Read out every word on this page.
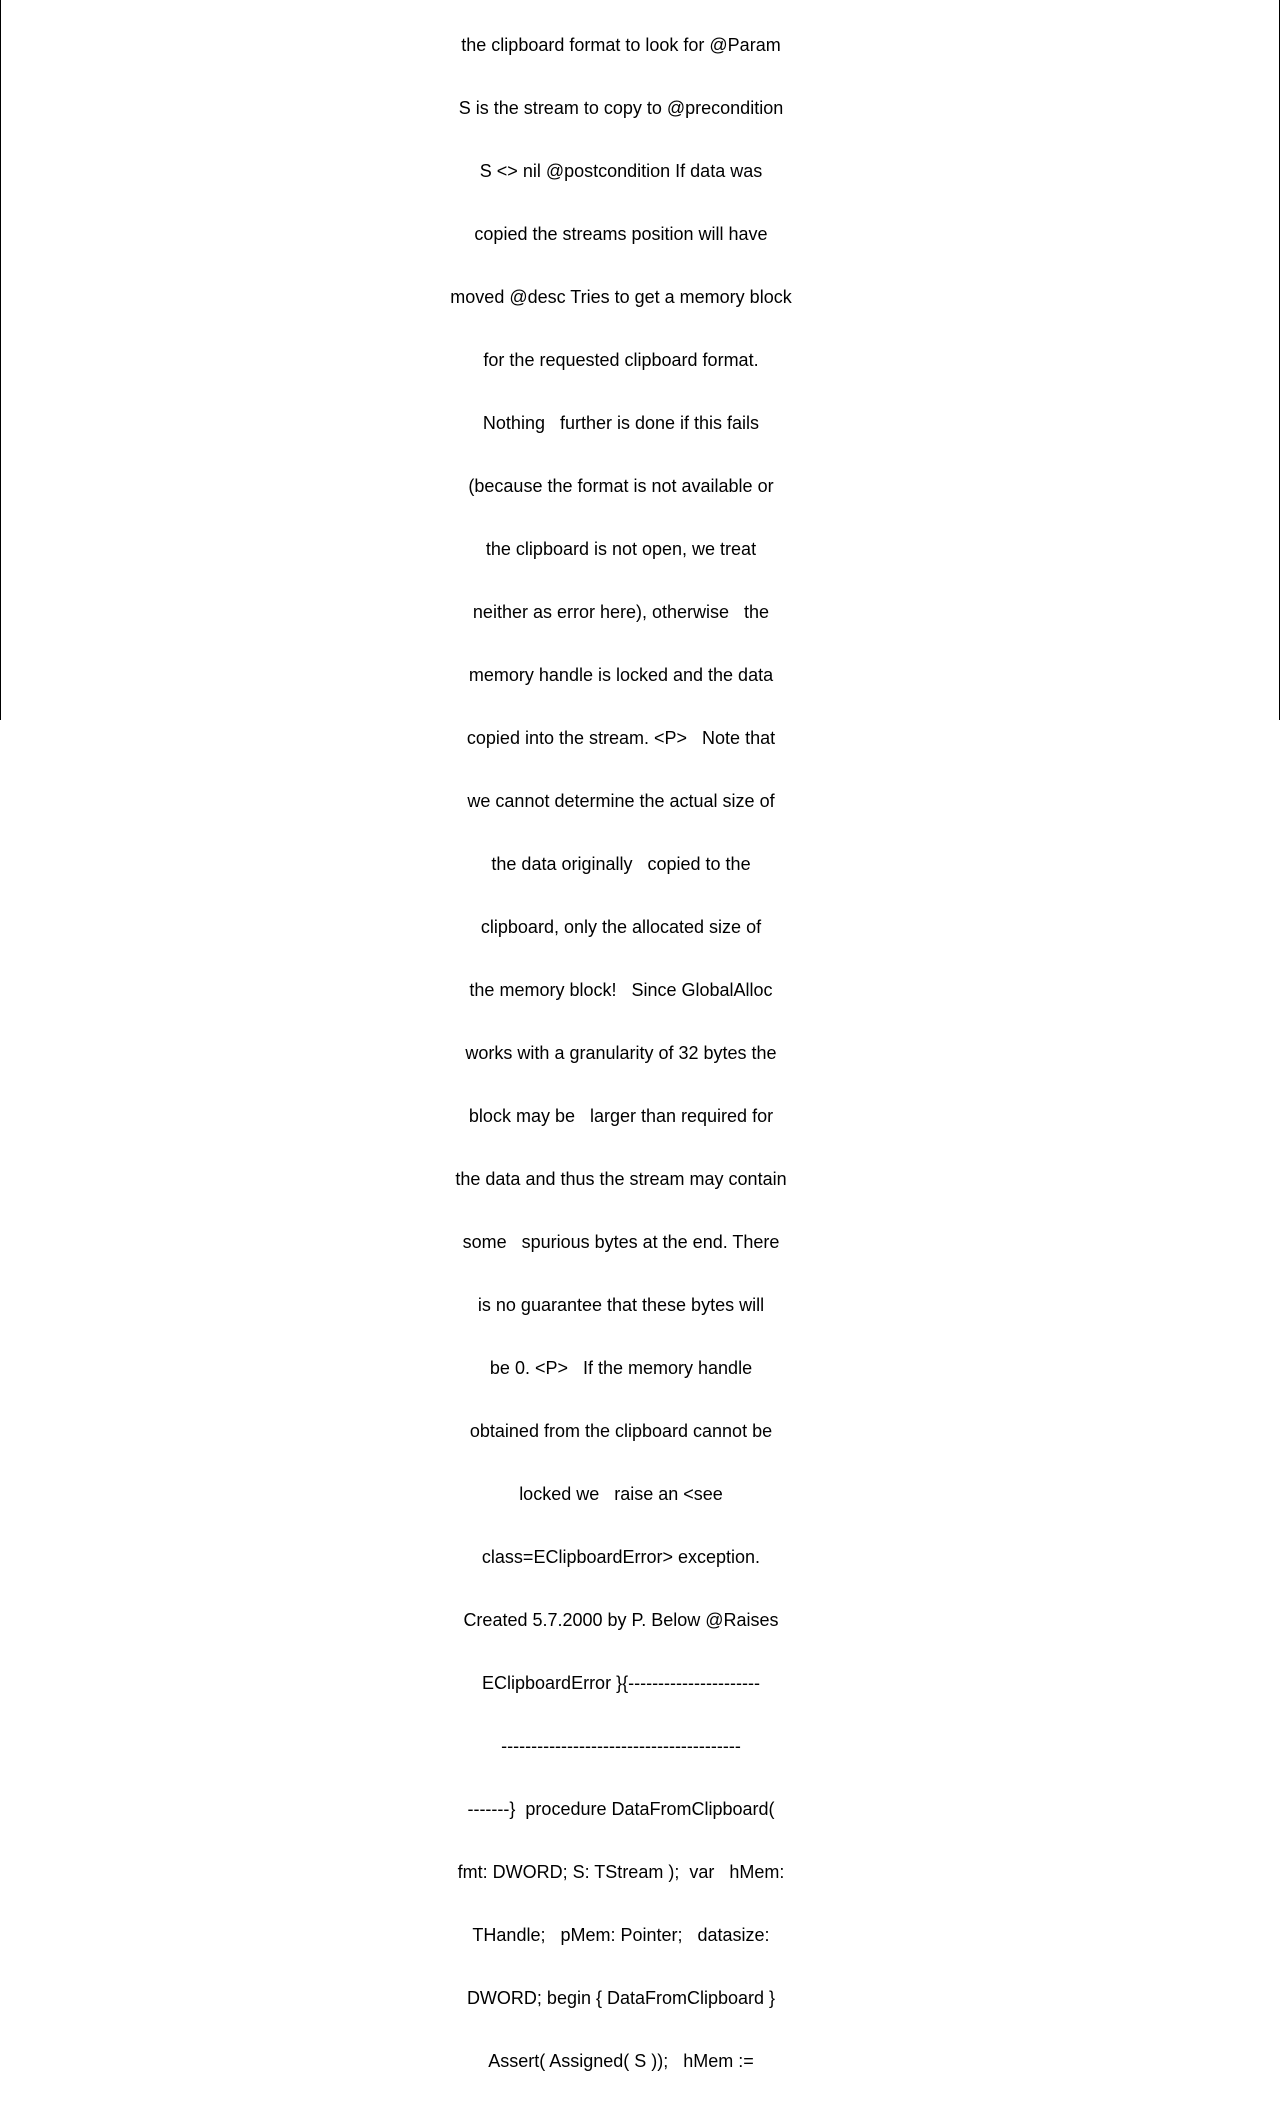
the clipboard format to look for @Param

S is the stream to copy to @precondition

S <> nil @postcondition If data was

copied the streams position will have

moved @desc Tries to get a memory block

for the requested clipboard format.

Nothing   further is done if this fails

(because the format is not available or

the clipboard is not open, we treat

neither as error here), otherwise   the

memory handle is locked and the data

copied into the stream. <P>   Note that

we cannot determine the actual size of

the data originally   copied to the

clipboard, only the allocated size of

the memory block!   Since GlobalAlloc

works with a granularity of 32 bytes the

block may be   larger than required for

the data and thus the stream may contain

some   spurious bytes at the end. There

is no guarantee that these bytes will

be 0. <P>   If the memory handle

obtained from the clipboard cannot be

locked we   raise an <see

class=EClipboardError> exception.

Created 5.7.2000 by P. Below @Raises

EClipboardError }{----------------------

----------------------------------------

-------}  procedure DataFromClipboard(

fmt: DWORD; S: TStream );  var   hMem:

THandle;   pMem: Pointer;   datasize:

DWORD; begin { DataFromClipboard }

Assert( Assigned( S ));   hMem :=
